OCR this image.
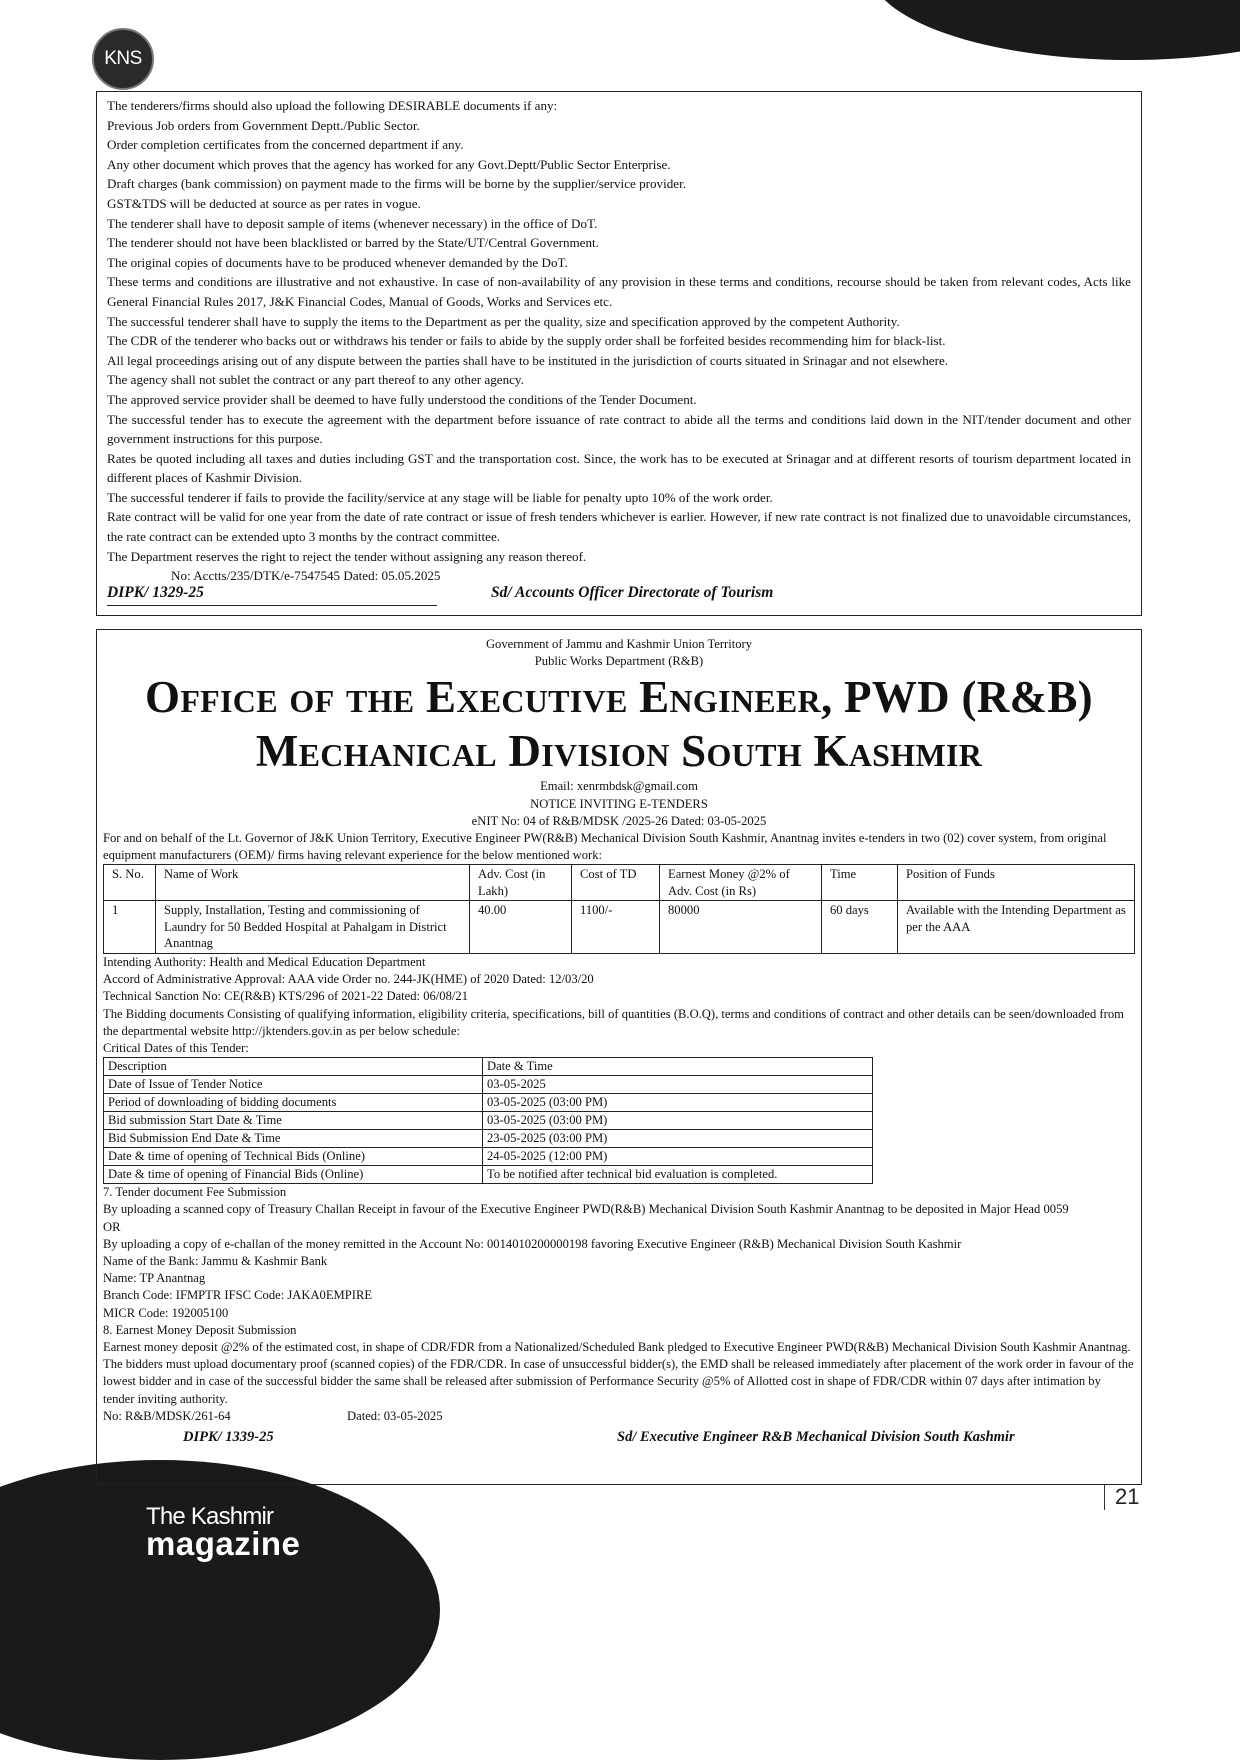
KNS
The tenderers/firms should also upload the following DESIRABLE documents if any:
Previous Job orders from Government Deptt./Public Sector.
Order completion certificates from the concerned department if any.
Any other document which proves that the agency has worked for any Govt.Deptt/Public Sector Enterprise.
Draft charges (bank commission) on payment made to the firms will be borne by the supplier/service provider.
GST&TDS will be deducted at source as per rates in vogue.
The tenderer shall have to deposit sample of items (whenever necessary) in the office of DoT.
The tenderer should not have been blacklisted or barred by the State/UT/Central Government.
The original copies of documents have to be produced whenever demanded by the DoT.
These terms and conditions are illustrative and not exhaustive. In case of non-availability of any provision in these terms and conditions, recourse should be taken from relevant codes, Acts like General Financial Rules 2017, J&K Financial Codes, Manual of Goods, Works and Services etc.
The successful tenderer shall have to supply the items to the Department as per the quality, size and specification approved by the competent Authority.
The CDR of the tenderer who backs out or withdraws his tender or fails to abide by the supply order shall be forfeited besides recommending him for black-list.
All legal proceedings arising out of any dispute between the parties shall have to be instituted in the jurisdiction of courts situated in Srinagar and not elsewhere.
The agency shall not sublet the contract or any part thereof to any other agency.
The approved service provider shall be deemed to have fully understood the conditions of the Tender Document.
The successful tender has to execute the agreement with the department before issuance of rate contract to abide all the terms and conditions laid down in the NIT/tender document and other government instructions for this purpose.
Rates be quoted including all taxes and duties including GST and the transportation cost. Since, the work has to be executed at Srinagar and at different resorts of tourism department located in different places of Kashmir Division.
The successful tenderer if fails to provide the facility/service at any stage will be liable for penalty upto 10% of the work order.
Rate contract will be valid for one year from the date of rate contract or issue of fresh tenders whichever is earlier. However, if new rate contract is not finalized due to unavoidable circumstances, the rate contract can be extended upto 3 months by the contract committee.
The Department reserves the right to reject the tender without assigning any reason thereof.
No: Acctts/235/DTK/e-7547545 Dated: 05.05.2025
DIPK/ 1329-25	Sd/ Accounts Officer Directorate of Tourism
Government of Jammu and Kashmir Union Territory
Public Works Department (R&B)
Office of the Executive Engineer, PWD (R&B)
Mechanical Division South Kashmir
Email: xenrmbdsk@gmail.com
NOTICE INVITING E-TENDERS
eNIT No: 04 of R&B/MDSK /2025-26 Dated: 03-05-2025
For and on behalf of the Lt. Governor of J&K Union Territory, Executive Engineer PW(R&B) Mechanical Division South Kashmir, Anantnag invites e-tenders in two (02) cover system, from original equipment manufacturers (OEM)/ firms having relevant experience for the below mentioned work:
S. No.	Name of Work	Adv. Cost (in Lakh)	Cost of TD	Earnest Money @2% of Adv. Cost (in Rs)	Time	Position of Funds
1	Supply, Installation, Testing and commissioning of Laundry for 50 Bedded Hospital at Pahalgam in District Anantnag	40.00	1100/-	80000	60 days	Available with the Intending Department as per the AAA
Intending Authority: Health and Medical Education Department
Accord of Administrative Approval: AAA vide Order no. 244-JK(HME) of 2020 Dated: 12/03/20
Technical Sanction No: CE(R&B) KTS/296 of 2021-22 Dated: 06/08/21
The Bidding documents Consisting of qualifying information, eligibility criteria, specifications, bill of quantities (B.O.Q), terms and conditions of contract and other details can be seen/downloaded from the departmental website http://jktenders.gov.in as per below schedule:
Critical Dates of this Tender:
Description	Date & Time
Date of Issue of Tender Notice	03-05-2025
Period of downloading of bidding documents	03-05-2025 (03:00 PM)
Bid submission Start Date & Time	03-05-2025 (03:00 PM)
Bid Submission End Date & Time	23-05-2025 (03:00 PM)
Date & time of opening of Technical Bids (Online)	24-05-2025 (12:00 PM)
Date & time of opening of Financial Bids (Online)	To be notified after technical bid evaluation is completed.
7. Tender document Fee Submission
By uploading a scanned copy of Treasury Challan Receipt in favour of the Executive Engineer PWD(R&B) Mechanical Division South Kashmir Anantnag to be deposited in Major Head 0059
OR
By uploading a copy of e-challan of the money remitted in the Account No: 0014010200000198 favoring Executive Engineer (R&B) Mechanical Division South Kashmir
Name of the Bank: Jammu & Kashmir Bank
Name: TP Anantnag
Branch Code: IFMPTR IFSC Code: JAKA0EMPIRE
MICR Code: 192005100
8. Earnest Money Deposit Submission
Earnest money deposit @2% of the estimated cost, in shape of CDR/FDR from a Nationalized/Scheduled Bank pledged to Executive Engineer PWD(R&B) Mechanical Division South Kashmir Anantnag. The bidders must upload documentary proof (scanned copies) of the FDR/CDR. In case of unsuccessful bidder(s), the EMD shall be released immediately after placement of the work order in favour of the lowest bidder and in case of the successful bidder the same shall be released after submission of Performance Security @5% of Allotted cost in shape of FDR/CDR within 07 days after intimation by tender inviting authority.
No: R&B/MDSK/261-64	Dated: 03-05-2025
DIPK/ 1339-25	Sd/ Executive Engineer R&B Mechanical Division South Kashmir
The Kashmir
magazine
21
